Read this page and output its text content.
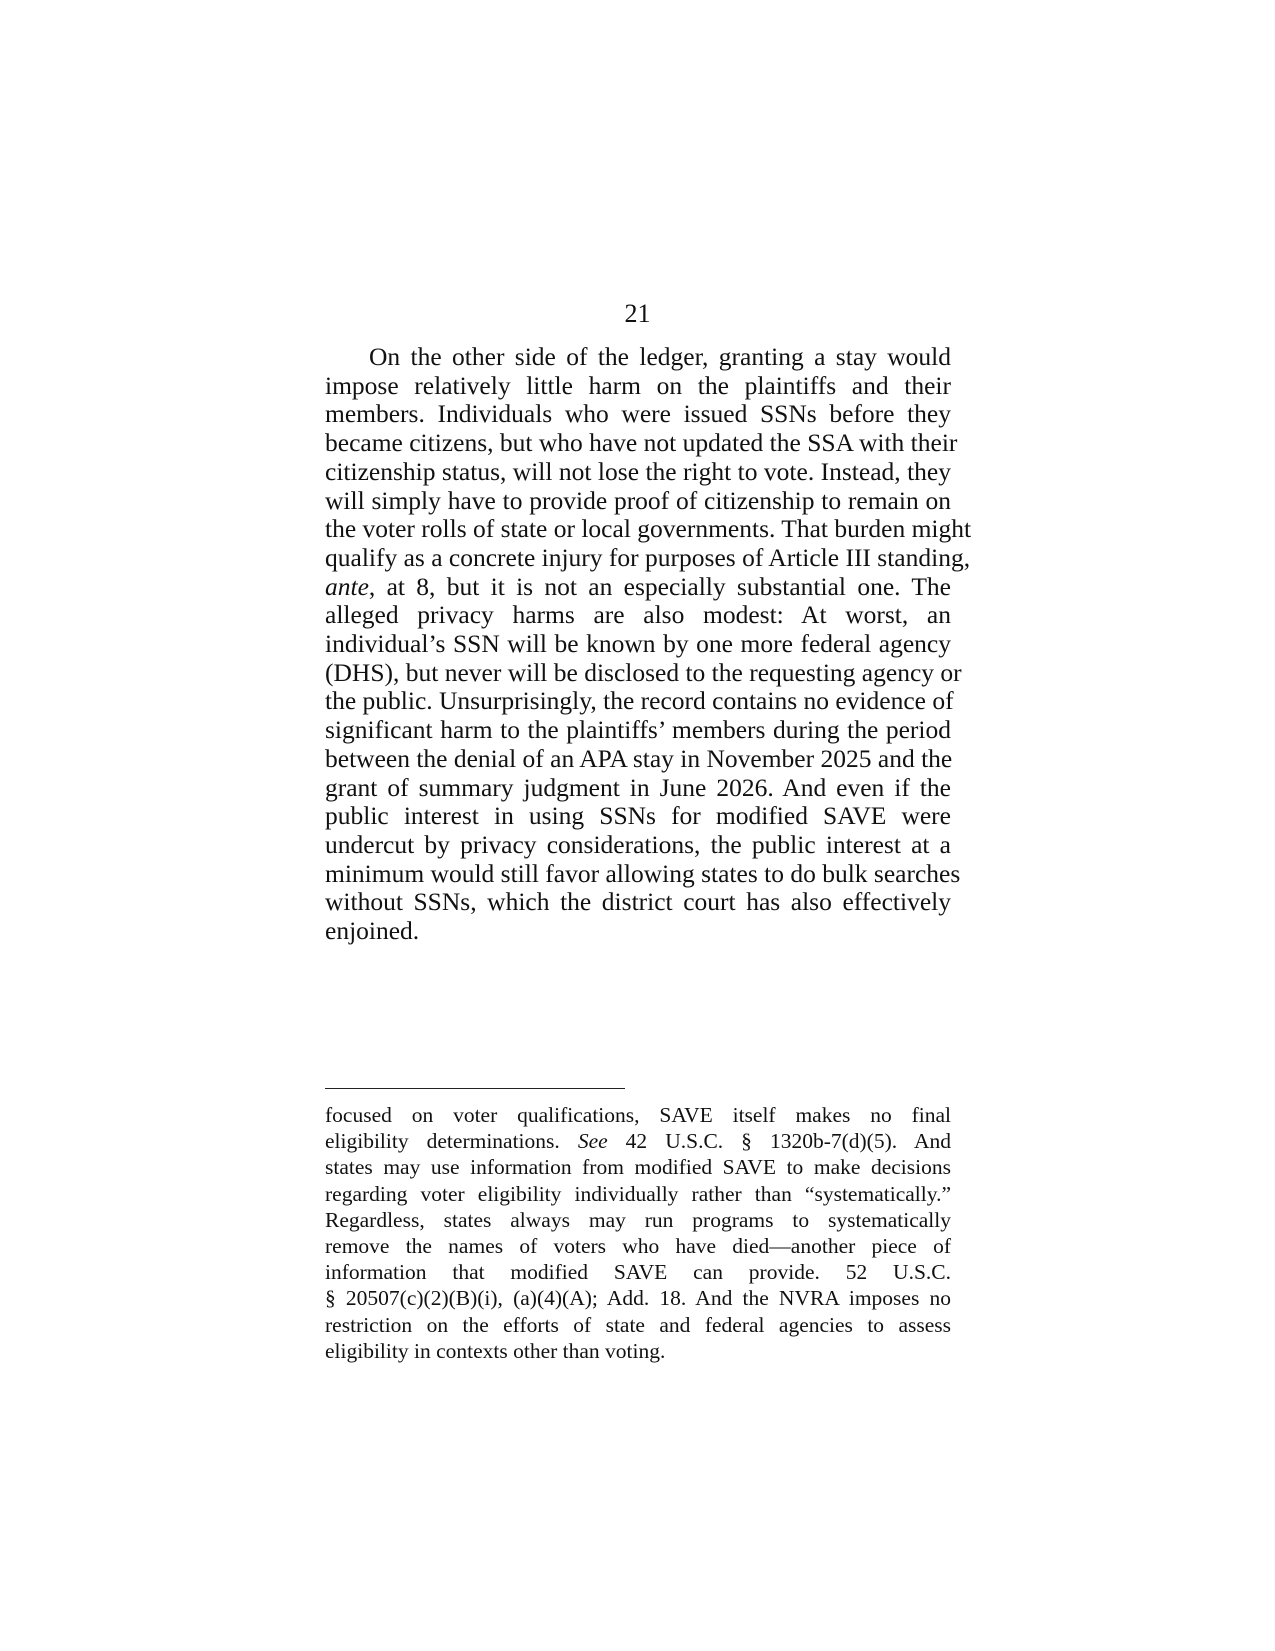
21
On the other side of the ledger, granting a stay would
impose relatively little harm on the plaintiffs and their
members. Individuals who were issued SSNs before they
became citizens, but who have not updated the SSA with their
citizenship status, will not lose the right to vote. Instead, they
will simply have to provide proof of citizenship to remain on
the voter rolls of state or local governments. That burden might
qualify as a concrete injury for purposes of Article III standing,
ante, at 8, but it is not an especially substantial one. The
alleged privacy harms are also modest: At worst, an
individual’s SSN will be known by one more federal agency
(DHS), but never will be disclosed to the requesting agency or
the public. Unsurprisingly, the record contains no evidence of
significant harm to the plaintiffs’ members during the period
between the denial of an APA stay in November 2025 and the
grant of summary judgment in June 2026. And even if the
public interest in using SSNs for modified SAVE were
undercut by privacy considerations, the public interest at a
minimum would still favor allowing states to do bulk searches
without SSNs, which the district court has also effectively
enjoined.
focused on voter qualifications, SAVE itself makes no final
eligibility determinations. See 42 U.S.C. § 1320b-7(d)(5). And
states may use information from modified SAVE to make decisions
regarding voter eligibility individually rather than “systematically.”
Regardless, states always may run programs to systematically
remove the names of voters who have died—another piece of
information that modified SAVE can provide. 52 U.S.C.
§ 20507(c)(2)(B)(i), (a)(4)(A); Add. 18. And the NVRA imposes no
restriction on the efforts of state and federal agencies to assess
eligibility in contexts other than voting.
